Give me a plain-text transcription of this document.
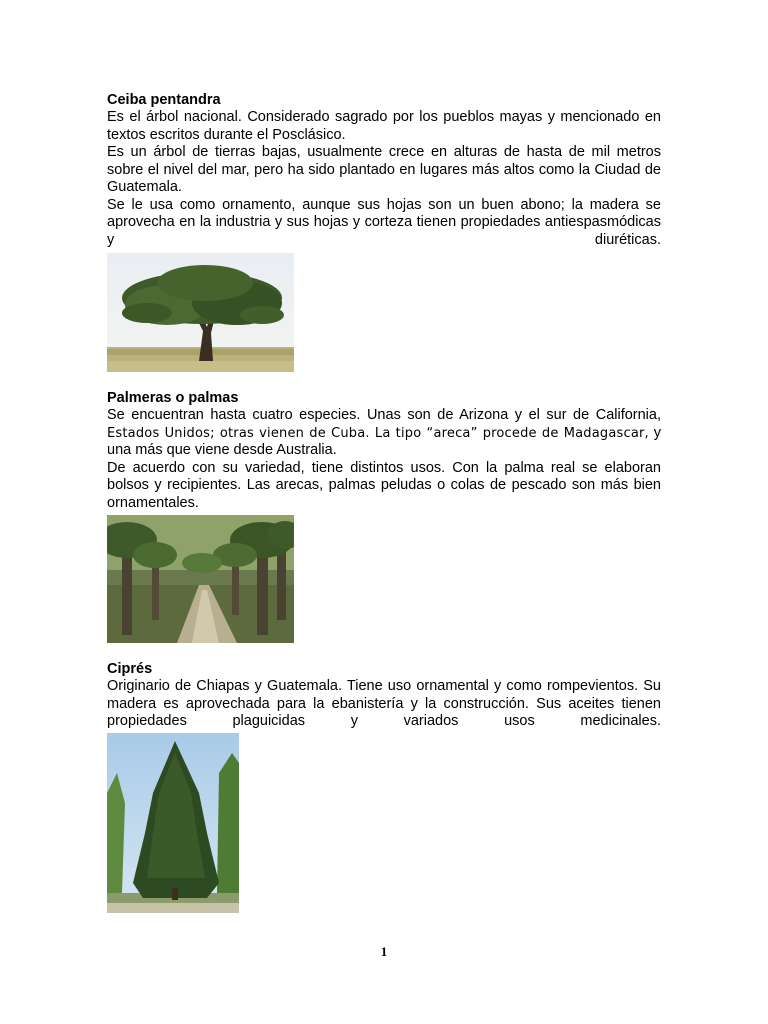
Ceiba pentandra

Es el árbol nacional. Considerado sagrado por los pueblos mayas y mencionado en textos escritos durante el Posclásico.

Es un árbol de tierras bajas, usualmente crece en alturas de hasta de mil metros sobre el nivel del mar, pero ha sido plantado en lugares más altos como la Ciudad de Guatemala.

Se le usa como ornamento, aunque sus hojas son un buen abono; la madera se aprovecha en la industria y sus hojas y corteza tienen propiedades antiespasmódicas y diuréticas.

Palmeras o palmas

Se encuentran hasta cuatro especies. Unas son de Arizona y el sur de California, Estados Unidos; otras vienen de Cuba. La tipo “areca” procede de Madagascar, y una más que viene desde Australia.

De acuerdo con su variedad, tiene distintos usos. Con la palma real se elaboran bolsos y recipientes. Las arecas, palmas peludas o colas de pescado son más bien ornamentales.

Ciprés

Originario de Chiapas y Guatemala. Tiene uso ornamental y como rompevientos. Su madera es aprovechada para la ebanistería y la construcción. Sus aceites tienen propiedades plaguicidas y variados usos medicinales.

1
